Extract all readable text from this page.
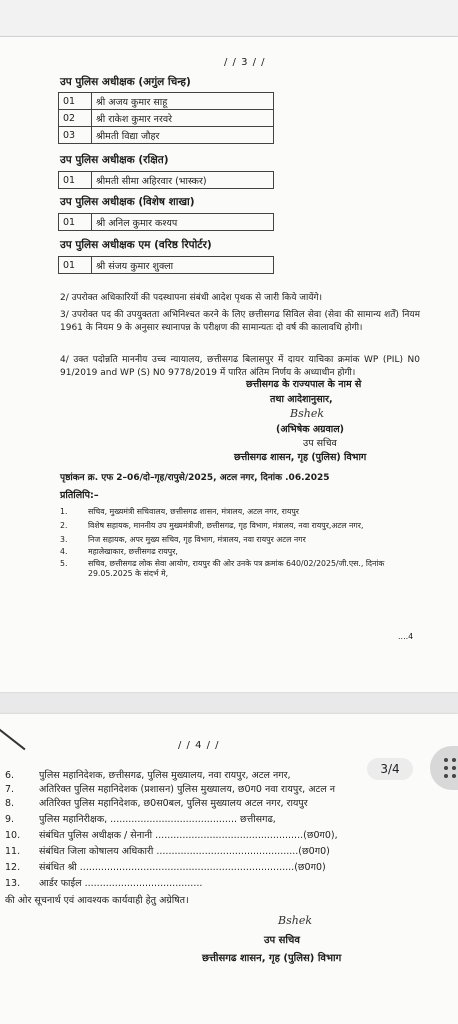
/ / 3 / /
उप पुलिस अधीक्षक (अगुंल चिन्ह)
01	श्री अजय कुमार साहू
02	श्री राकेश कुमार नरवरे
03	श्रीमती विद्या जौहर
उप पुलिस अधीक्षक (रक्षित)
01	श्रीमती सीमा अहिरवार (भास्कर)
उप पुलिस अधीक्षक (विशेष शाखा)
01	श्री अनिल कुमार कश्यप
उप पुलिस अधीक्षक एम (वरिष्ठ रिपोर्टर)
01	श्री संजय कुमार शुक्ला
2/ उपरोक्त अधिकारियों की पदस्थापना संबंधी आदेश पृथक से जारी किये जायेंगे।
3/ उपरोक्त पद की उपयुक्तता अभिनिश्चत करने के लिए छत्तीसगढ सिविल सेवा (सेवा की सामान्य शर्तें) नियम 1961 के नियम 9 के अनुसार स्थानापन्न के परीक्षण की सामान्यतः दो वर्ष की कालावधि होगी।
4/ उक्त पदोन्नति माननीय उच्च न्यायालय, छत्तीसगढ बिलासपुर में दायर याचिका क्रमांक WP (PIL) N0 91/2019 and WP (S) N0 9778/2019 में पारित अंतिम निर्णय के अध्याधीन होगी।
छत्तीसगढ के राज्यपाल के नाम से
तथा आदेशानुसार,
Bshek
(अभिषेक अग्रवाल)
उप सचिव
छत्तीसगढ शासन, गृह (पुलिस) विभाग
पृष्ठांकन क्र. एफ 2–06/दो–गृह/रापुसे/2025, अटल नगर, दिनांक .06.2025
प्रतिलिपि:–
1.	सचिव, मुख्यमंत्री सचिवालय, छत्तीसगढ शासन, मंत्रालय, अटल नगर, रायपुर
2.	विशेष सहायक, माननीय उप मुख्यमंत्रीजी, छत्तीसगढ, गृह विभाग, मंत्रालय, नवा रायपुर,अटल नगर,
3.	निज सहायक, अपर मुख्य सचिव, गृह विभाग, मंत्रालय, नवा रायपुर अटल नगर
4.	महालेखाकार, छत्तीसगढ रायपुर,
5.	सचिव, छत्तीसगढ लोक सेवा आयोग, रायपुर की ओर उनके पत्र क्रमांक 640/02/2025/जी.एस., दिनांक 29.05.2025 के संदर्भ मे,
....4
/ / 4 / /
6.	पुलिस महानिदेशक, छत्तीसगढ, पुलिस मुख्यालय, नवा रायपुर, अटल नगर,
7.	अतिरिक्त पुलिस महानिदेशक (प्रशासन) पुलिस मुख्यालय, छ0ग0 नवा रायपुर, अटल न
8.	अतिरिक्त पुलिस महानिदेशक, छ0स0बल, पुलिस मुख्यालय अटल नगर, रायपुर
9.	पुलिस महानिरीक्षक, .......................................... छत्तीसगढ,
10. संबंधित पुलिस अधीक्षक / सेनानी .................................................(छ0ग0),
11. संबंधित जिला कोषालय अधिकारी ...............................................(छ0ग0)
12. संबंधित श्री .......................................................................(छ0ग0)
13. आर्डर फाईल .......................................
की ओर सूचनार्थ एवं आवश्यक कार्यवाही हेतु अग्रेषित।
Bshek
उप सचिव
छत्तीसगढ शासन, गृह (पुलिस) विभाग
3/4
